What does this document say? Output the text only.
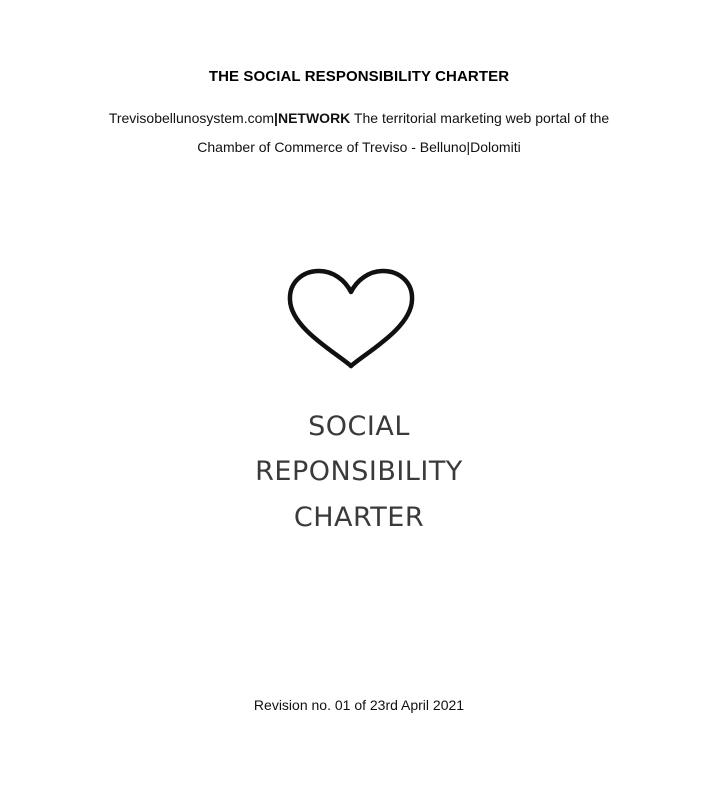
THE SOCIAL RESPONSIBILITY CHARTER
Trevisobellunosystem.com|NETWORK The territorial marketing web portal of the
Chamber of Commerce of Treviso - Belluno|Dolomiti
SOCIAL
REPONSIBILITY
CHARTER
Revision no. 01 of 23rd April 2021
